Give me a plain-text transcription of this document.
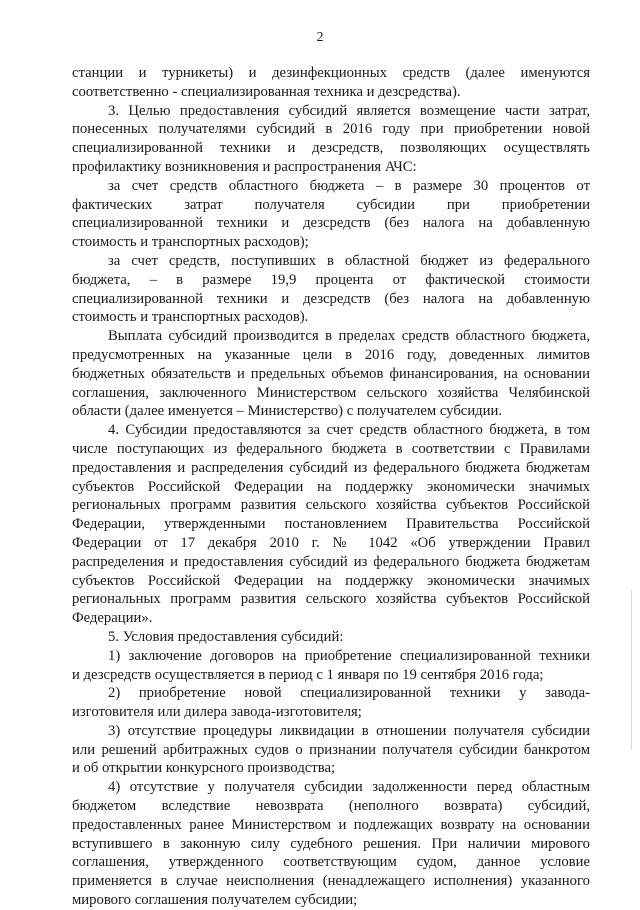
2
станции и турникеты) и дезинфекционных средств (далее именуются
соответственно - специализированная техника и дезсредства).
3. Целью предоставления субсидий является возмещение части затрат,
понесенных получателями субсидий в 2016 году при приобретении новой
специализированной техники и дезсредств, позволяющих осуществлять
профилактику возникновения и распространения АЧС:
за счет средств областного бюджета – в размере 30 процентов от
фактических затрат получателя субсидии при приобретении
специализированной техники и дезсредств (без налога на добавленную
стоимость и транспортных расходов);
за счет средств, поступивших в областной бюджет из федерального
бюджета, – в размере 19,9 процента от фактической стоимости
специализированной техники и дезсредств (без налога на добавленную
стоимость и транспортных расходов).
Выплата субсидий производится в пределах средств областного бюджета,
предусмотренных на указанные цели в 2016 году, доведенных лимитов
бюджетных обязательств и предельных объемов финансирования, на основании
соглашения, заключенного Министерством сельского хозяйства Челябинской
области (далее именуется – Министерство) с получателем субсидии.
4. Субсидии предоставляются за счет средств областного бюджета, в том
числе поступающих из федерального бюджета в соответствии с Правилами
предоставления и распределения субсидий из федерального бюджета бюджетам
субъектов Российской Федерации на поддержку экономически значимых
региональных программ развития сельского хозяйства субъектов Российской
Федерации, утвержденными постановлением Правительства Российской
Федерации от 17 декабря 2010 г. № 1042 «Об утверждении Правил
распределения и предоставления субсидий из федерального бюджета бюджетам
субъектов Российской Федерации на поддержку экономически значимых
региональных программ развития сельского хозяйства субъектов Российской
Федерации».
5. Условия предоставления субсидий:
1) заключение договоров на приобретение специализированной техники
и дезсредств осуществляется в период с 1 января по 19 сентября 2016 года;
2) приобретение новой специализированной техники у завода-
изготовителя или дилера завода-изготовителя;
3) отсутствие процедуры ликвидации в отношении получателя субсидии
или решений арбитражных судов о признании получателя субсидии банкротом
и об открытии конкурсного производства;
4) отсутствие у получателя субсидии задолженности перед областным
бюджетом вследствие невозврата (неполного возврата) субсидий,
предоставленных ранее Министерством и подлежащих возврату на основании
вступившего в законную силу судебного решения. При наличии мирового
соглашения, утвержденного соответствующим судом, данное условие
применяется в случае неисполнения (ненадлежащего исполнения) указанного
мирового соглашения получателем субсидии;
